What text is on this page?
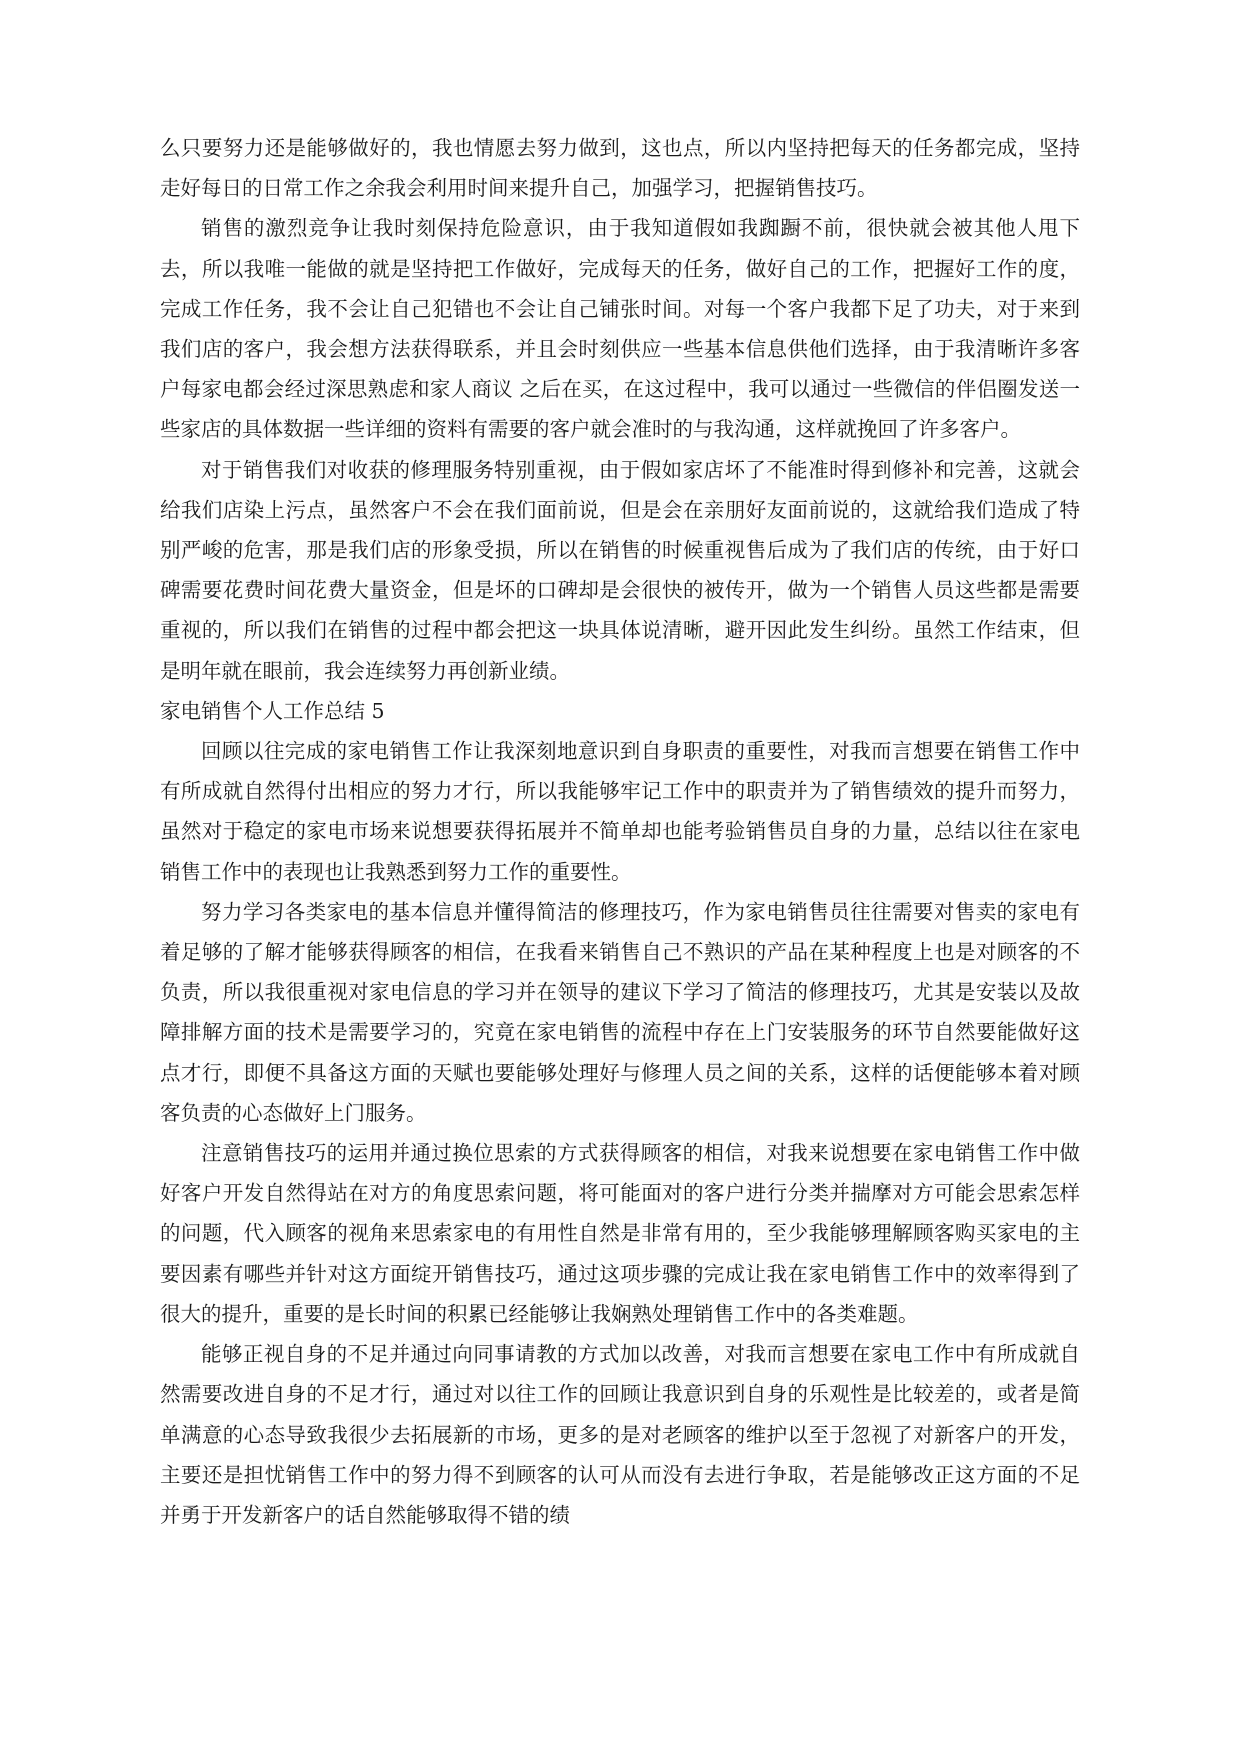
么只要努力还是能够做好的，我也情愿去努力做到，这也点，所以内坚持把每天的任务都完成，坚持走好每日的日常工作之余我会利用时间来提升自己，加强学习，把握销售技巧。

销售的激烈竞争让我时刻保持危险意识，由于我知道假如我踟蹰不前，很快就会被其他人甩下去，所以我唯一能做的就是坚持把工作做好，完成每天的任务，做好自己的工作，把握好工作的度，完成工作任务，我不会让自己犯错也不会让自己铺张时间。对每一个客户我都下足了功夫，对于来到我们店的客户，我会想方法获得联系，并且会时刻供应一些基本信息供他们选择，由于我清晰许多客户每家电都会经过深思熟虑和家人商议 之后在买，在这过程中，我可以通过一些微信的伴侣圈发送一些家店的具体数据一些详细的资料有需要的客户就会准时的与我沟通，这样就挽回了许多客户。

对于销售我们对收获的修理服务特别重视，由于假如家店坏了不能准时得到修补和完善，这就会给我们店染上污点，虽然客户不会在我们面前说，但是会在亲朋好友面前说的，这就给我们造成了特别严峻的危害，那是我们店的形象受损，所以在销售的时候重视售后成为了我们店的传统，由于好口碑需要花费时间花费大量资金，但是坏的口碑却是会很快的被传开，做为一个销售人员这些都是需要重视的，所以我们在销售的过程中都会把这一块具体说清晰，避开因此发生纠纷。虽然工作结束，但是明年就在眼前，我会连续努力再创新业绩。

家电销售个人工作总结 5

回顾以往完成的家电销售工作让我深刻地意识到自身职责的重要性，对我而言想要在销售工作中有所成就自然得付出相应的努力才行，所以我能够牢记工作中的职责并为了销售绩效的提升而努力，虽然对于稳定的家电市场来说想要获得拓展并不简单却也能考验销售员自身的力量，总结以往在家电销售工作中的表现也让我熟悉到努力工作的重要性。

努力学习各类家电的基本信息并懂得简洁的修理技巧，作为家电销售员往往需要对售卖的家电有着足够的了解才能够获得顾客的相信，在我看来销售自己不熟识的产品在某种程度上也是对顾客的不负责，所以我很重视对家电信息的学习并在领导的建议下学习了简洁的修理技巧，尤其是安装以及故障排解方面的技术是需要学习的，究竟在家电销售的流程中存在上门安装服务的环节自然要能做好这点才行，即便不具备这方面的天赋也要能够处理好与修理人员之间的关系，这样的话便能够本着对顾客负责的心态做好上门服务。

注意销售技巧的运用并通过换位思索的方式获得顾客的相信，对我来说想要在家电销售工作中做好客户开发自然得站在对方的角度思索问题，将可能面对的客户进行分类并揣摩对方可能会思索怎样的问题，代入顾客的视角来思索家电的有用性自然是非常有用的，至少我能够理解顾客购买家电的主要因素有哪些并针对这方面绽开销售技巧，通过这项步骤的完成让我在家电销售工作中的效率得到了很大的提升，重要的是长时间的积累已经能够让我娴熟处理销售工作中的各类难题。

能够正视自身的不足并通过向同事请教的方式加以改善，对我而言想要在家电工作中有所成就自然需要改进自身的不足才行，通过对以往工作的回顾让我意识到自身的乐观性是比较差的，或者是简单满意的心态导致我很少去拓展新的市场，更多的是对老顾客的维护以至于忽视了对新客户的开发，主要还是担忧销售工作中的努力得不到顾客的认可从而没有去进行争取，若是能够改正这方面的不足并勇于开发新客户的话自然能够取得不错的绩
